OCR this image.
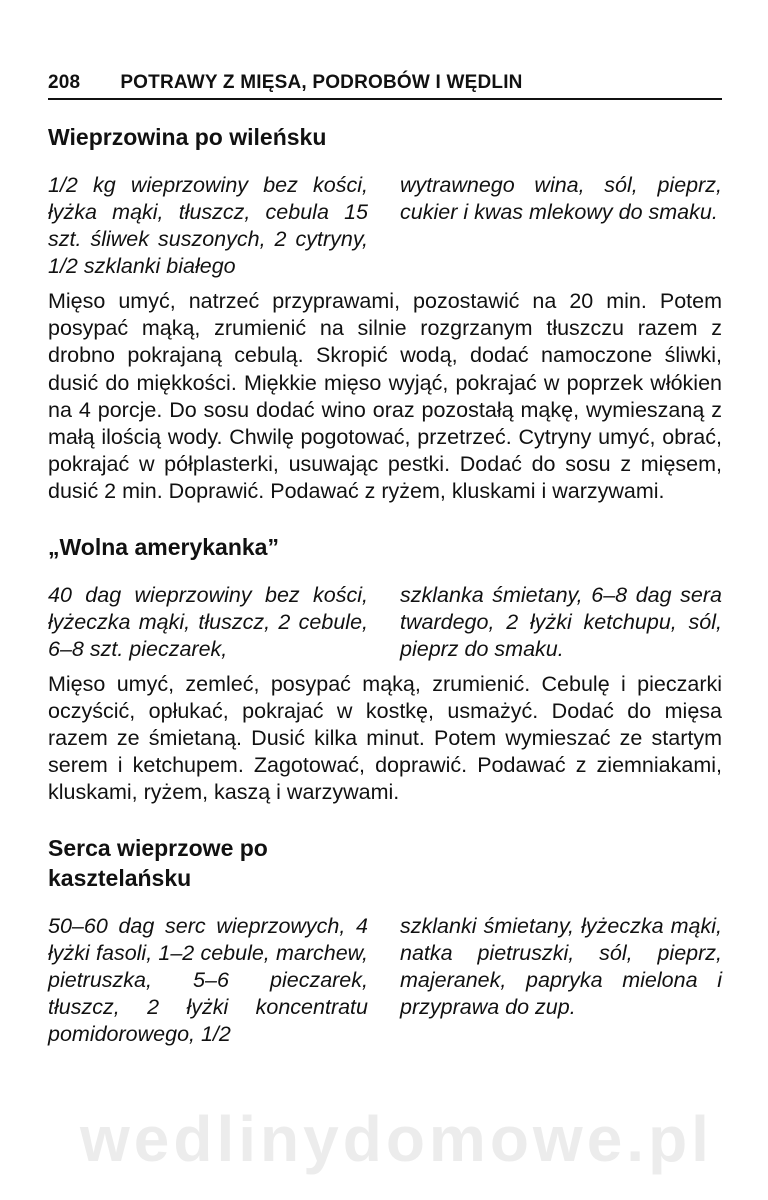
208 POTRAWY Z MIĘSA, PODROBÓW I WĘDLIN
Wieprzowina po wileńsku
1/2 kg wieprzowiny bez kości, łyżka mąki, tłuszcz, cebula 15 szt. śliwek suszonych, 2 cytryny, 1/2 szklanki białego
wytrawnego wina, sól, pieprz, cukier i kwas mlekowy do smaku.
Mięso umyć, natrzeć przyprawami, pozostawić na 20 min. Potem posypać mąką, zrumienić na silnie rozgrzanym tłuszczu razem z drobno pokrajaną cebulą. Skropić wodą, dodać namoczone śliwki, dusić do miękkości. Miękkie mięso wyjąć, pokrajać w poprzek włókien na 4 porcje. Do sosu dodać wino oraz pozostałą mąkę, wymieszaną z małą ilością wody. Chwilę pogotować, przetrzeć. Cytryny umyć, obrać, pokrajać w półplasterki, usuwając pestki. Dodać do sosu z mięsem, dusić 2 min. Doprawić. Podawać z ryżem, kluskami i warzywami.
„Wolna amerykanka”
40 dag wieprzowiny bez kości, łyżeczka mąki, tłuszcz, 2 cebule, 6–8 szt. pieczarek,
szklanka śmietany, 6–8 dag sera twardego, 2 łyżki ketchupu, sól, pieprz do smaku.
Mięso umyć, zemleć, posypać mąką, zrumienić. Cebulę i pieczarki oczyścić, opłukać, pokrajać w kostkę, usmażyć. Dodać do mięsa razem ze śmietaną. Dusić kilka minut. Potem wymieszać ze startym serem i ketchupem. Zagotować, doprawić. Podawać z ziemniakami, kluskami, ryżem, kaszą i warzywami.
Serca wieprzowe po kasztelańsku
50–60 dag serc wieprzowych, 4 łyżki fasoli, 1–2 cebule, marchew, pietruszka, 5–6 pieczarek, tłuszcz, 2 łyżki koncentratu pomidorowego, 1/2
szklanki śmietany, łyżeczka mąki, natka pietruszki, sól, pieprz, majeranek, papryka mielona i przyprawa do zup.
wedlinydomowe.pl
